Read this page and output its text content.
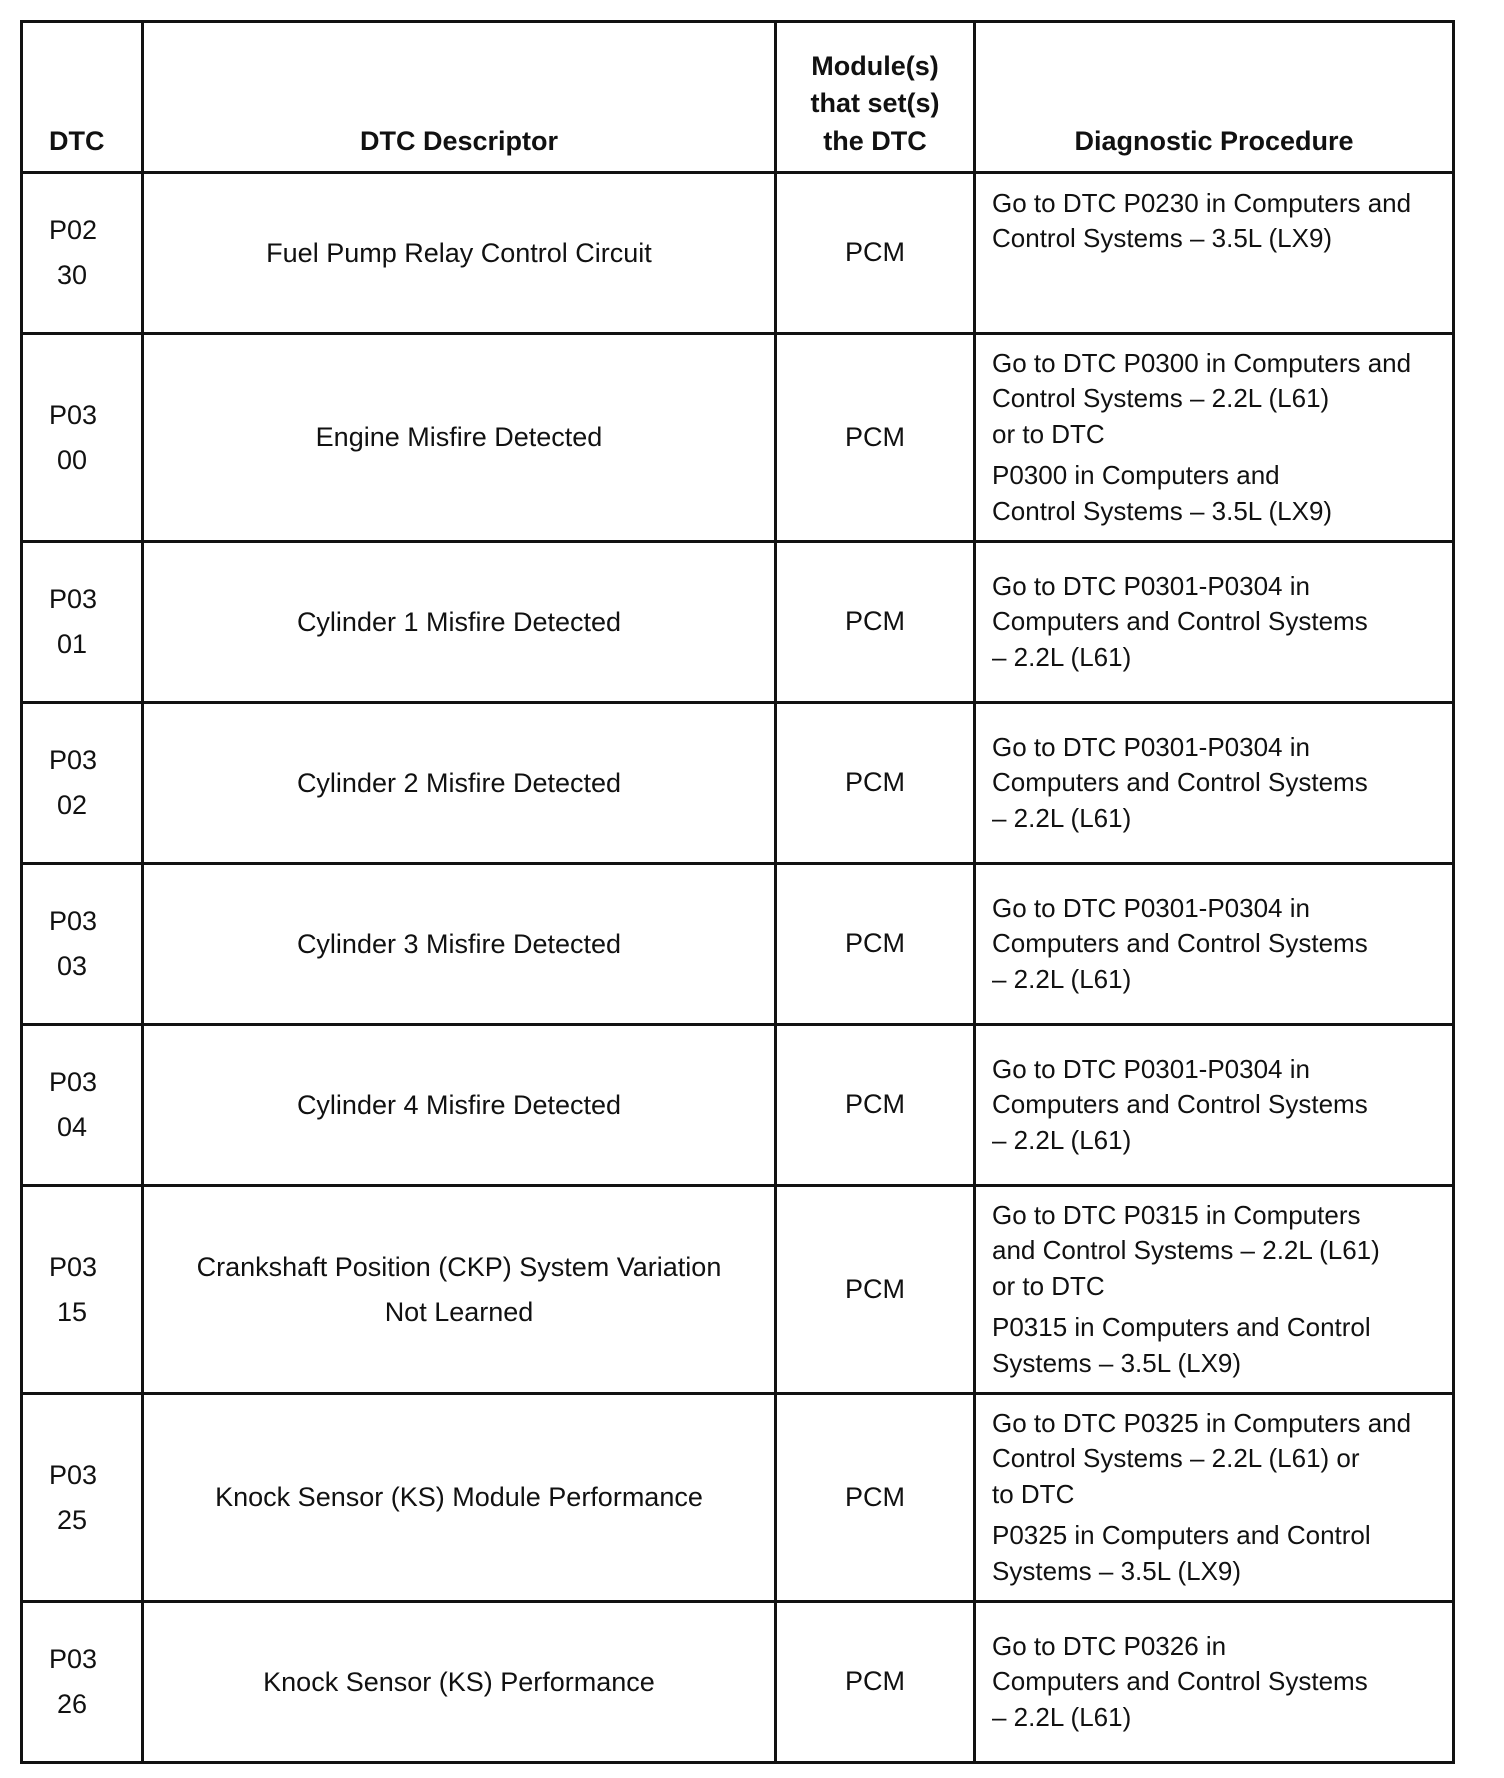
DTC	DTC Descriptor	Module(s)
that set(s)
the DTC	Diagnostic Procedure

P02
30	Fuel Pump Relay Control Circuit	PCM	Go to DTC P0230 in Computers and
Control Systems – 3.5L (LX9)

P03
00	Engine Misfire Detected	PCM	Go to DTC P0300 in Computers and
Control Systems – 2.2L (L61)
or to DTC
P0300 in Computers and
Control Systems – 3.5L (LX9)

P03
01	Cylinder 1 Misfire Detected	PCM	Go to DTC P0301-P0304 in
Computers and Control Systems
– 2.2L (L61)

P03
02	Cylinder 2 Misfire Detected	PCM	Go to DTC P0301-P0304 in
Computers and Control Systems
– 2.2L (L61)

P03
03	Cylinder 3 Misfire Detected	PCM	Go to DTC P0301-P0304 in
Computers and Control Systems
– 2.2L (L61)

P03
04	Cylinder 4 Misfire Detected	PCM	Go to DTC P0301-P0304 in
Computers and Control Systems
– 2.2L (L61)

P03
15	Crankshaft Position (CKP) System Variation
Not Learned	PCM	Go to DTC P0315 in Computers
and Control Systems – 2.2L (L61)
or to DTC
P0315 in Computers and Control
Systems – 3.5L (LX9)

P03
25	Knock Sensor (KS) Module Performance	PCM	Go to DTC P0325 in Computers and
Control Systems – 2.2L (L61) or
to DTC
P0325 in Computers and Control
Systems – 3.5L (LX9)

P03
26	Knock Sensor (KS) Performance	PCM	Go to DTC P0326 in
Computers and Control Systems
– 2.2L (L61)
